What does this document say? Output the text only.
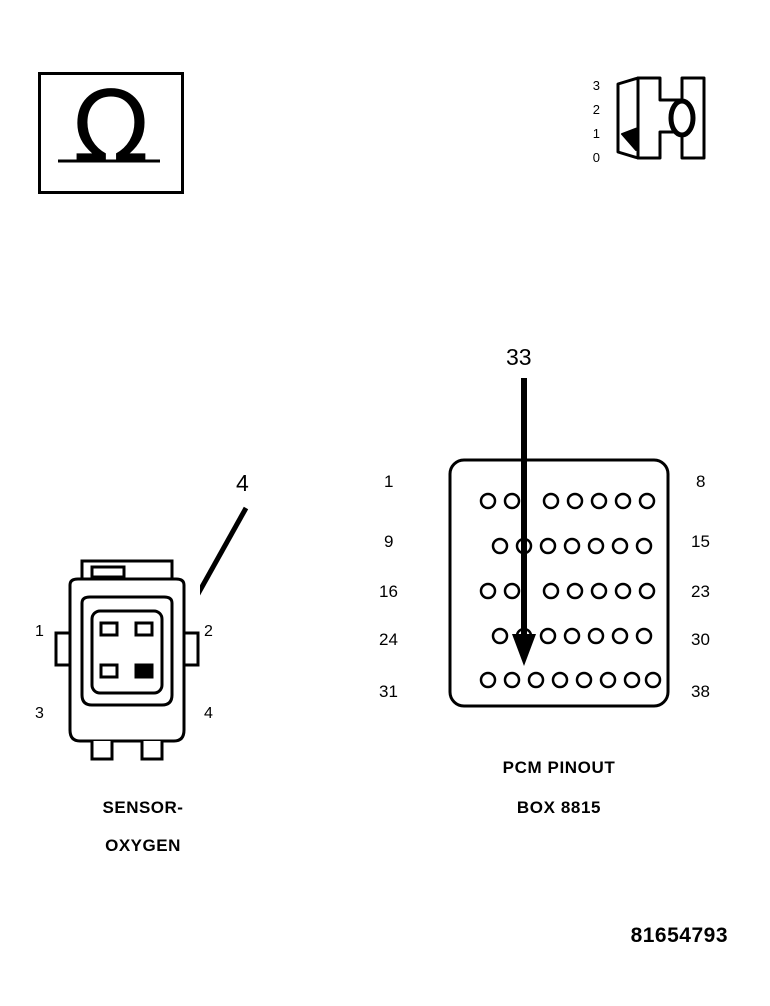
Ω	3
2
1
0
1	2
3	4
SENSOR-
OXYGEN
4	1
9
16
24
31
8
15
23
30
38
PCM PINOUT
BOX 8815
33
81654793
